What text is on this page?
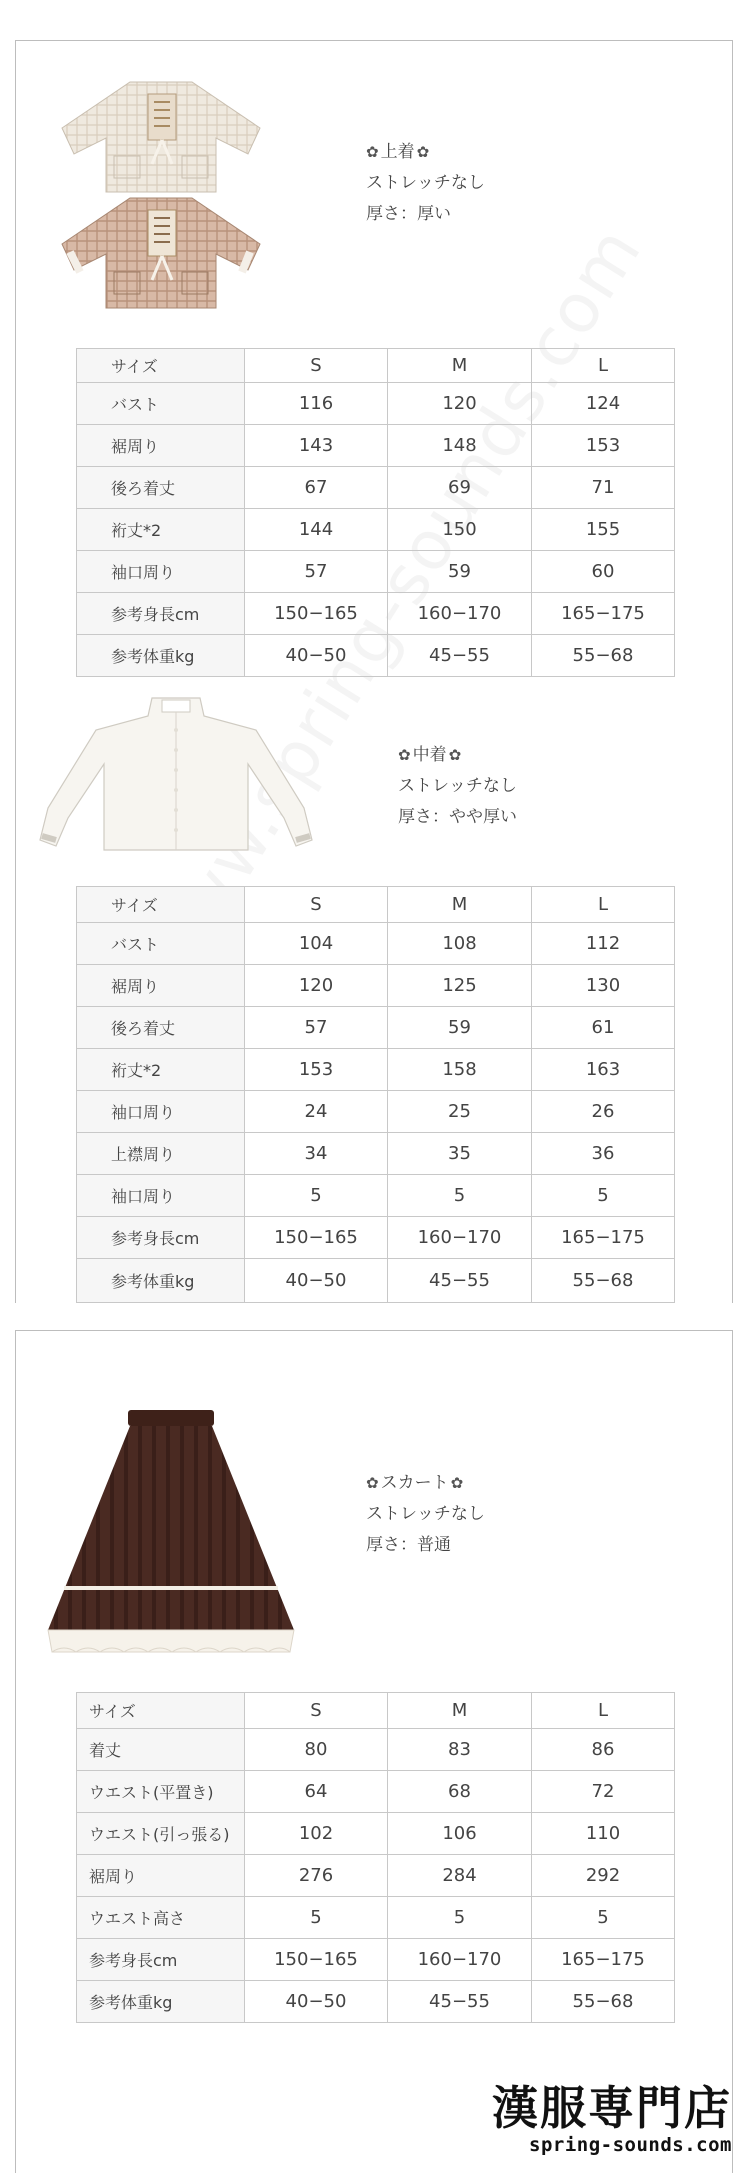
✿ 上着 ✿
ストレッチなし
厚さ：厚い
サイズ	S	M	L
バスト	116	120	124
裾周り	143	148	153
後ろ着丈	67	69	71
裄丈*2	144	150	155
袖口周り	57	59	60
参考身長cm	150−165	160−170	165−175
参考体重kg	40−50	45−55	55−68
✿ 中着 ✿
ストレッチなし
厚さ：やや厚い
サイズ	S	M	L
バスト	104	108	112
裾周り	120	125	130
後ろ着丈	57	59	61
裄丈*2	153	158	163
袖口周り	24	25	26
上襟周り	34	35	36
袖口周り	5	5	5
参考身長cm	150−165	160−170	165−175
参考体重kg	40−50	45−55	55−68
✿ スカート ✿
ストレッチなし
厚さ：普通
サイズ	S	M	L
着丈	80	83	86
ウエスト(平置き)	64	68	72
ウエスト(引っ張る)	102	106	110
裾周り	276	284	292
ウエスト高さ	5	5	5
参考身長cm	150−165	160−170	165−175
参考体重kg	40−50	45−55	55−68
漢服専門店
spring-sounds.com
